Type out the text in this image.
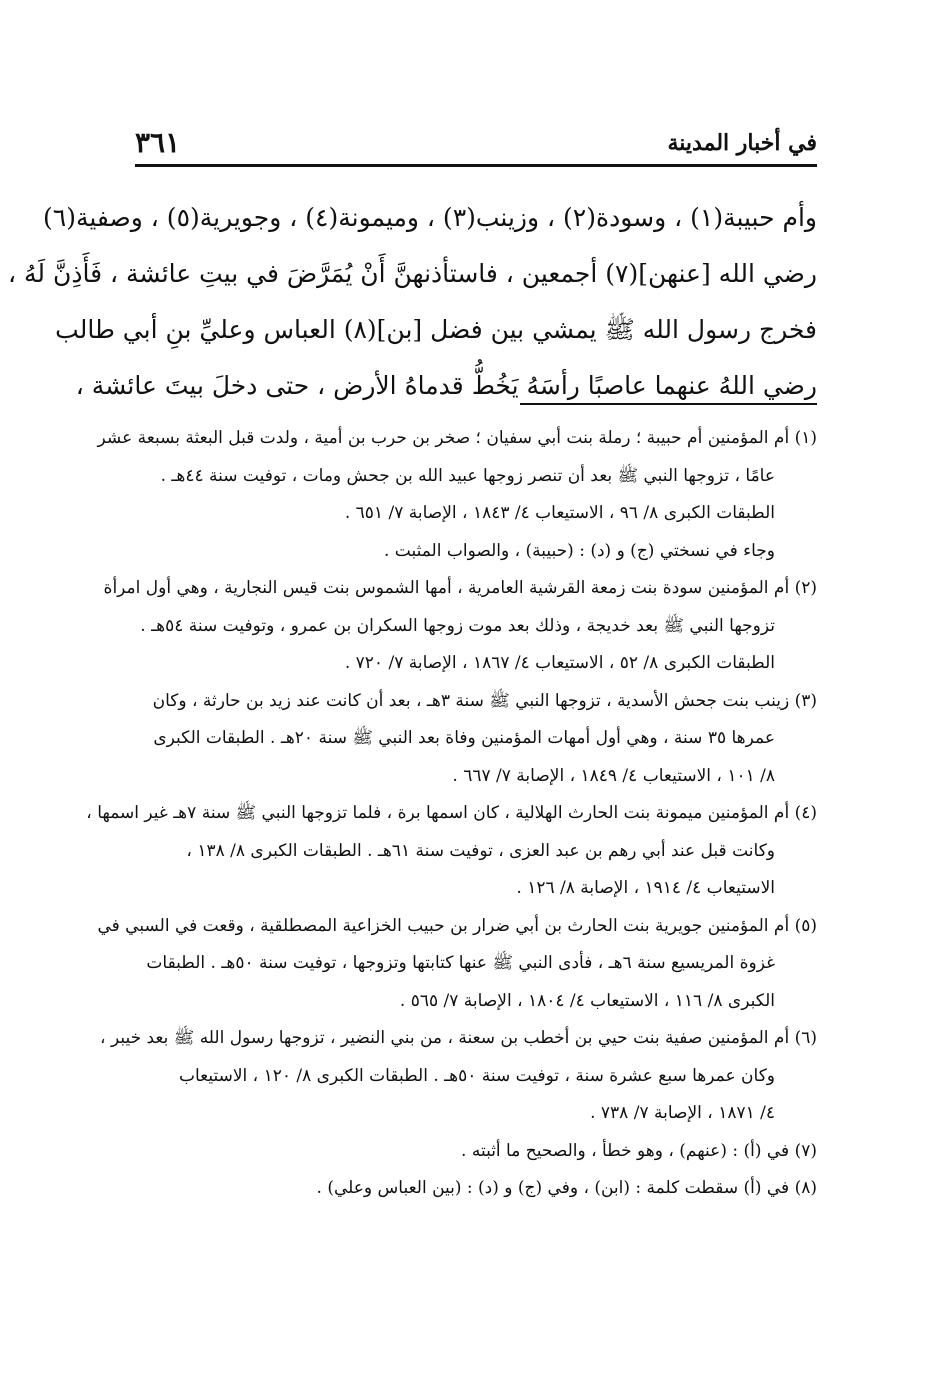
في أخبار المدينة
٣٦١
وأم حبيبة(١) ، وسودة(٢) ، وزينب(٣) ، وميمونة(٤) ، وجويرية(٥) ، وصفية(٦)
رضي الله [عنهن](٧) أجمعين ، فاستأذنهنَّ أَنْ يُمَرَّضَ في بيتِ عائشة ، فَأَذِنَّ لَهُ ،
فخرج رسول الله ﷺ يمشي بين فضل [بن](٨) العباس وعليِّ بنِ أبي طالب
رضي اللهُ عنهما عاصبًا رأسَهُ يَخُطُّ قدماهُ الأرض ، حتى دخلَ بيتَ عائشة ،
(١) أم المؤمنين أم حبيبة ؛ رملة بنت أبي سفيان ؛ صخر بن حرب بن أمية ، ولدت قبل البعثة بسبعة عشر
عامًا ، تزوجها النبي ﷺ بعد أن تنصر زوجها عبيد الله بن جحش ومات ، توفيت سنة ٤٤هـ .
الطبقات الكبرى ٨/ ٩٦ ، الاستيعاب ٤/ ١٨٤٣ ، الإصابة ٧/ ٦٥١ .
وجاء في نسختي (ج) و (د) : (حبيبة) ، والصواب المثبت .
(٢) أم المؤمنين سودة بنت زمعة القرشية العامرية ، أمها الشموس بنت قيس النجارية ، وهي أول امرأة
تزوجها النبي ﷺ بعد خديجة ، وذلك بعد موت زوجها السكران بن عمرو ، وتوفيت سنة ٥٤هـ .
الطبقات الكبرى ٨/ ٥٢ ، الاستيعاب ٤/ ١٨٦٧ ، الإصابة ٧/ ٧٢٠ .
(٣) زينب بنت جحش الأسدية ، تزوجها النبي ﷺ سنة ٣هـ ، بعد أن كانت عند زيد بن حارثة ، وكان
عمرها ٣٥ سنة ، وهي أول أمهات المؤمنين وفاة بعد النبي ﷺ سنة ٢٠هـ . الطبقات الكبرى
٨/ ١٠١ ، الاستيعاب ٤/ ١٨٤٩ ، الإصابة ٧/ ٦٦٧ .
(٤) أم المؤمنين ميمونة بنت الحارث الهلالية ، كان اسمها برة ، فلما تزوجها النبي ﷺ سنة ٧هـ غير اسمها ،
وكانت قبل عند أبي رهم بن عبد العزى ، توفيت سنة ٦١هـ . الطبقات الكبرى ٨/ ١٣٨ ،
الاستيعاب ٤/ ١٩١٤ ، الإصابة ٨/ ١٢٦ .
(٥) أم المؤمنين جويرية بنت الحارث بن أبي ضرار بن حبيب الخزاعية المصطلقية ، وقعت في السبي في
غزوة المريسيع سنة ٦هـ ، فأدى النبي ﷺ عنها كتابتها وتزوجها ، توفيت سنة ٥٠هـ . الطبقات
الكبرى ٨/ ١١٦ ، الاستيعاب ٤/ ١٨٠٤ ، الإصابة ٧/ ٥٦٥ .
(٦) أم المؤمنين صفية بنت حيي بن أخطب بن سعنة ، من بني النضير ، تزوجها رسول الله ﷺ بعد خيبر ،
وكان عمرها سبع عشرة سنة ، توفيت سنة ٥٠هـ . الطبقات الكبرى ٨/ ١٢٠ ، الاستيعاب
٤/ ١٨٧١ ، الإصابة ٧/ ٧٣٨ .
(٧) في (أ) : (عنهم) ، وهو خطأ ، والصحيح ما أثبته .
(٨) في (أ) سقطت كلمة : (ابن) ، وفي (ج) و (د) : (بين العباس وعلي) .
